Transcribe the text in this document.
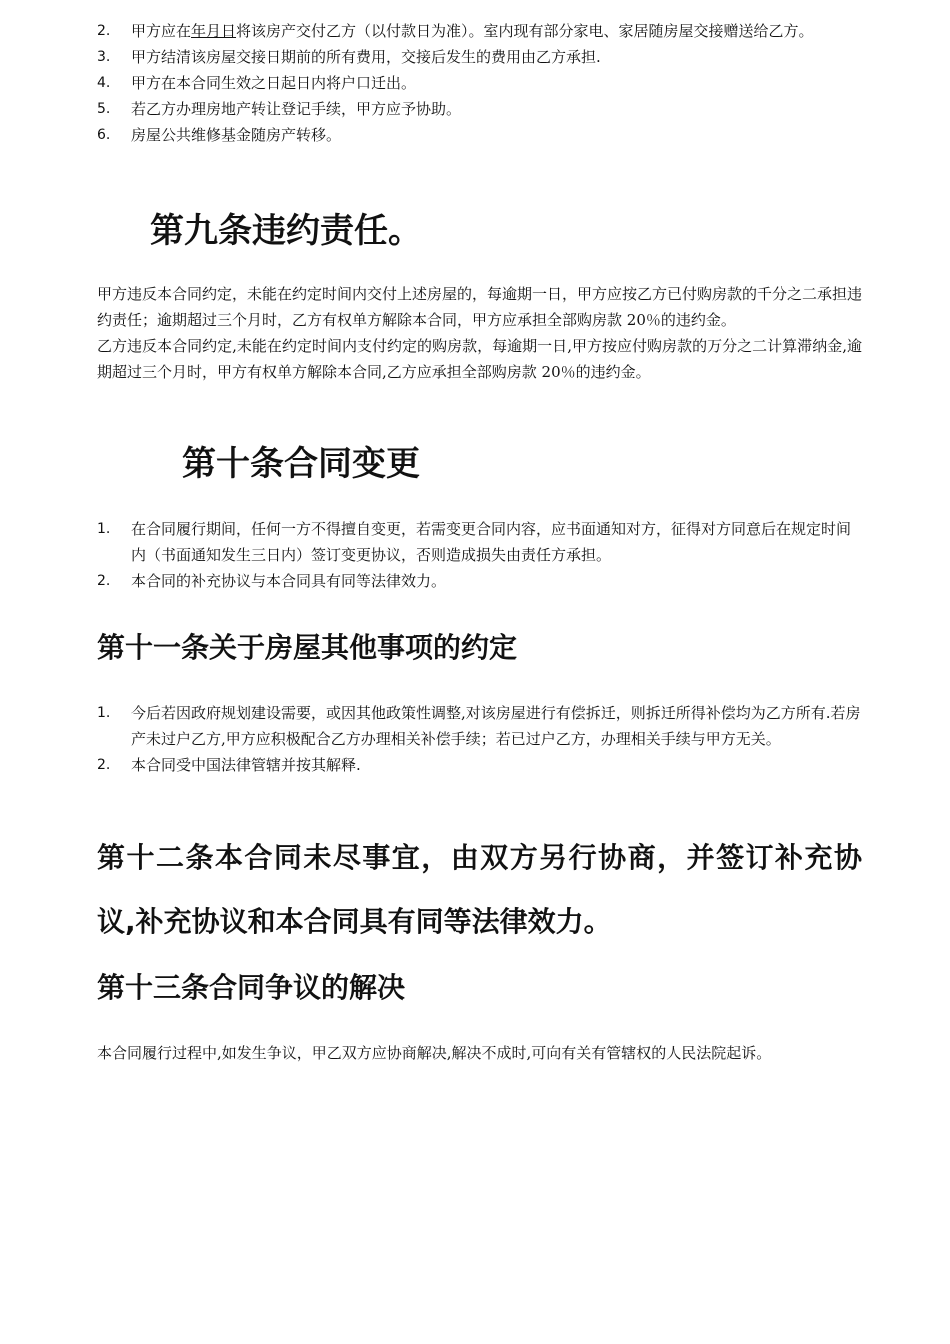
2. 甲方应在年月日将该房产交付乙方（以付款日为准）。室内现有部分家电、家居随房屋交接赠送给乙方。
3. 甲方结清该房屋交接日期前的所有费用，交接后发生的费用由乙方承担.
4. 甲方在本合同生效之日起日内将户口迁出。
5. 若乙方办理房地产转让登记手续，甲方应予协助。
6. 房屋公共维修基金随房产转移。
第九条违约责任。

甲方违反本合同约定，未能在约定时间内交付上述房屋的，每逾期一日，甲方应按乙方已付购房款的千分之二承担违约责任；逾期超过三个月时，乙方有权单方解除本合同，甲方应承担全部购房款 20％的违约金。

乙方违反本合同约定,未能在约定时间内支付约定的购房款，每逾期一日,甲方按应付购房款的万分之二计算滞纳金,逾期超过三个月时，甲方有权单方解除本合同,乙方应承担全部购房款 20％的违约金。

第十条合同变更
1. 在合同履行期间，任何一方不得擅自变更，若需变更合同内容，应书面通知对方，征得对方同意后在规定时间内（书面通知发生三日内）签订变更协议，否则造成损失由责任方承担。
2. 本合同的补充协议与本合同具有同等法律效力。
第十一条关于房屋其他事项的约定
1. 今后若因政府规划建设需要，或因其他政策性调整,对该房屋进行有偿拆迁，则拆迁所得补偿均为乙方所有.若房产未过户乙方,甲方应积极配合乙方办理相关补偿手续；若已过户乙方，办理相关手续与甲方无关。
2. 本合同受中国法律管辖并按其解释.
第十二条本合同未尽事宜，由双方另行协商，并签订补充协议,补充协议和本合同具有同等法律效力。
第十三条合同争议的解决

本合同履行过程中,如发生争议，甲乙双方应协商解决,解决不成时,可向有关有管辖权的人民法院起诉。
